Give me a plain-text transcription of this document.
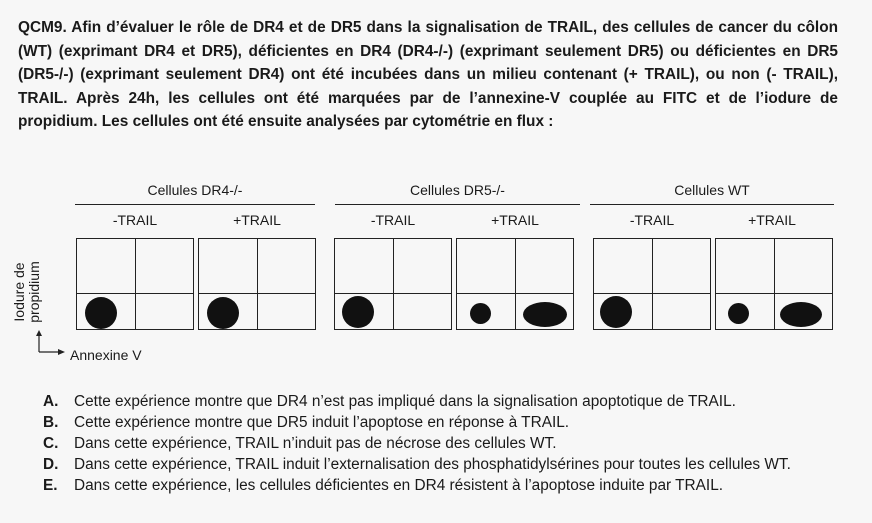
QCM9. Afin d’évaluer le rôle de DR4 et de DR5 dans la signalisation de TRAIL, des cellules de cancer du côlon (WT) (exprimant DR4 et DR5), déficientes en DR4 (DR4-/-) (exprimant seulement DR5) ou déficientes en DR5 (DR5-/-) (exprimant seulement DR4) ont été incubées dans un milieu contenant (+ TRAIL), ou non (- TRAIL), TRAIL. Après 24h, les cellules ont été marquées par de l’annexine-V couplée au FITC et de l’iodure de propidium. Les cellules ont été ensuite analysées par cytométrie en flux :

Cellules DR4-/-	Cellules DR5-/-	Cellules WT
-TRAIL	+TRAIL	-TRAIL	+TRAIL	-TRAIL	+TRAIL
Iodure de propidium
Annexine V
A.	Cette expérience montre que DR4 n’est pas impliqué dans la signalisation apoptotique de TRAIL.
B.	Cette expérience montre que DR5 induit l’apoptose en réponse à TRAIL.
C.	Dans cette expérience, TRAIL n’induit pas de nécrose des cellules WT.
D.	Dans cette expérience, TRAIL induit l’externalisation des phosphatidylsérines pour toutes les cellules WT.
E.	Dans cette expérience, les cellules déficientes en DR4 résistent à l’apoptose induite par TRAIL.
